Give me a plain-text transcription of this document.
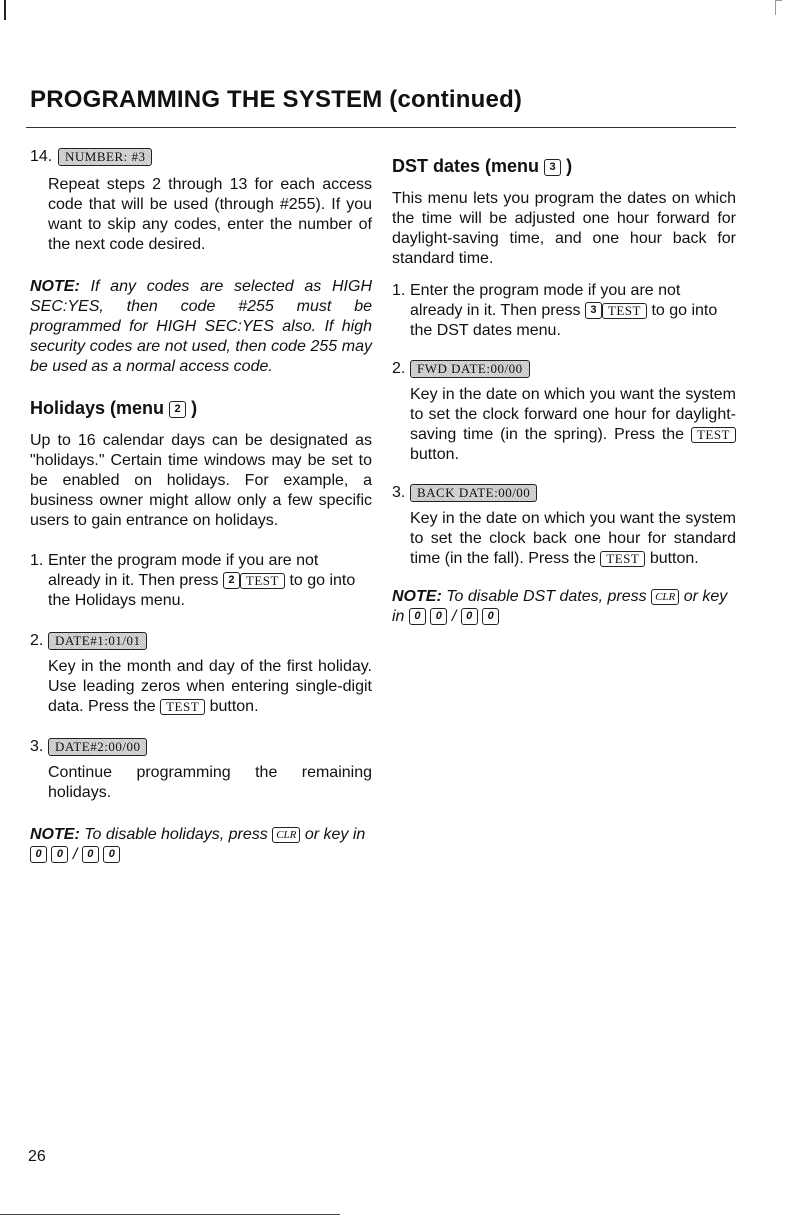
PROGRAMMING THE SYSTEM (continued)
14. NUMBER: #3

Repeat steps 2 through 13 for each access code that will be used (through #255). If you want to skip any codes, enter the number of the next code desired.

NOTE: If any codes are selected as HIGH SEC:YES, then code #255 must be programmed for HIGH SEC:YES also. If high security codes are not used, then code 255 may be used as a normal access code.

Holidays (menu 2 )

Up to 16 calendar days can be designated as "holidays." Certain time windows may be set to be enabled on holidays. For example, a business owner might allow only a few specific users to gain entrance on holidays.

1. Enter the program mode if you are not already in it. Then press 2 TEST to go into the Holidays menu.
2. DATE#1:01/01

Key in the month and day of the first holiday. Use leading zeros when entering single-digit data. Press the TEST button.

3. DATE#2:00/00

Continue programming the remaining holidays.

NOTE: To disable holidays, press CLR or key in 0 0 / 0 0

DST dates (menu 3 )

This menu lets you program the dates on which the time will be adjusted one hour forward for daylight-saving time, and one hour back for standard time.

1. Enter the program mode if you are not already in it. Then press 3 TEST to go into the DST dates menu.
2. FWD DATE:00/00

Key in the date on which you want the system to set the clock forward one hour for daylight-saving time (in the spring). Press the TEST button.

3. BACK DATE:00/00

Key in the date on which you want the system to set the clock back one hour for standard time (in the fall). Press the TEST button.

NOTE: To disable DST dates, press CLR or key in 0 0 / 0 0

26
